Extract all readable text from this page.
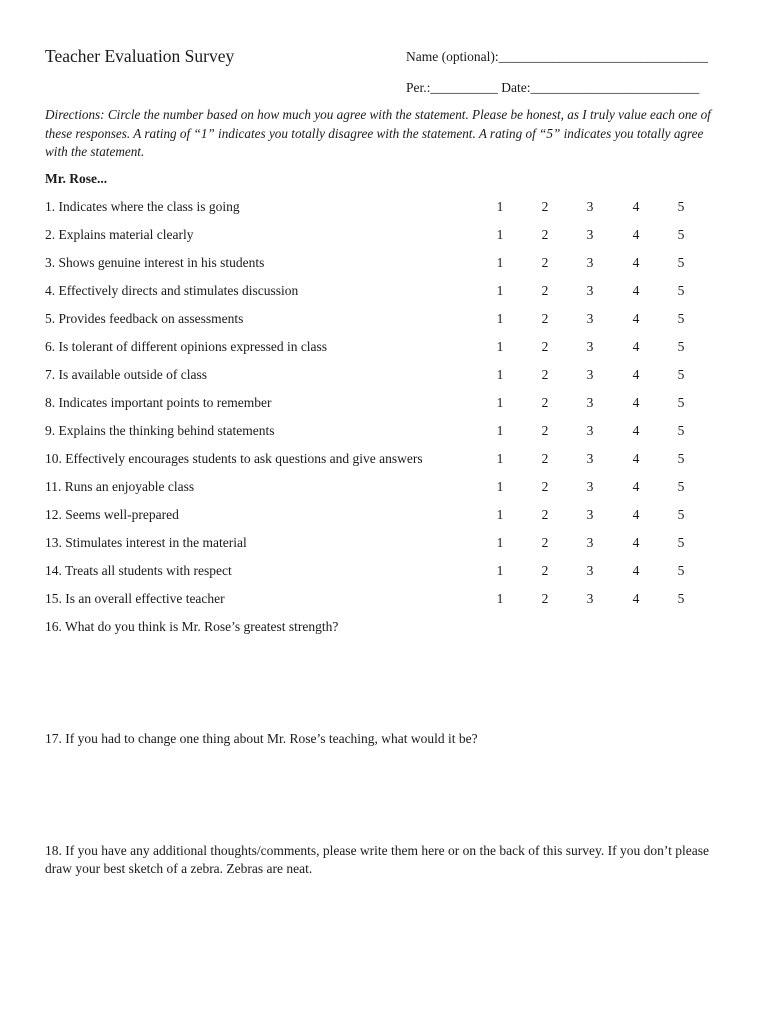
Teacher Evaluation Survey	Name (optional):_______________________________
Per.:__________ Date:_________________________
Directions: Circle the number based on how much you agree with the statement. Please be honest, as I truly value each one of these responses. A rating of “1” indicates you totally disagree with the statement. A rating of “5” indicates you totally agree with the statement.
Mr. Rose...
1. Indicates where the class is going	1	2	3	4	5
2. Explains material clearly	1	2	3	4	5
3. Shows genuine interest in his students	1	2	3	4	5
4. Effectively directs and stimulates discussion	1	2	3	4	5
5. Provides feedback on assessments	1	2	3	4	5
6. Is tolerant of different opinions expressed in class	1	2	3	4	5
7. Is available outside of class	1	2	3	4	5
8. Indicates important points to remember	1	2	3	4	5
9. Explains the thinking behind statements	1	2	3	4	5
10. Effectively encourages students to ask questions and give answers	1	2	3	4	5
11. Runs an enjoyable class	1	2	3	4	5
12. Seems well-prepared	1	2	3	4	5
13. Stimulates interest in the material	1	2	3	4	5
14. Treats all students with respect	1	2	3	4	5
15. Is an overall effective teacher	1	2	3	4	5
16. What do you think is Mr. Rose’s greatest strength?
17. If you had to change one thing about Mr. Rose’s teaching, what would it be?
18. If you have any additional thoughts/comments, please write them here or on the back of this survey. If you don’t please draw your best sketch of a zebra. Zebras are neat.
